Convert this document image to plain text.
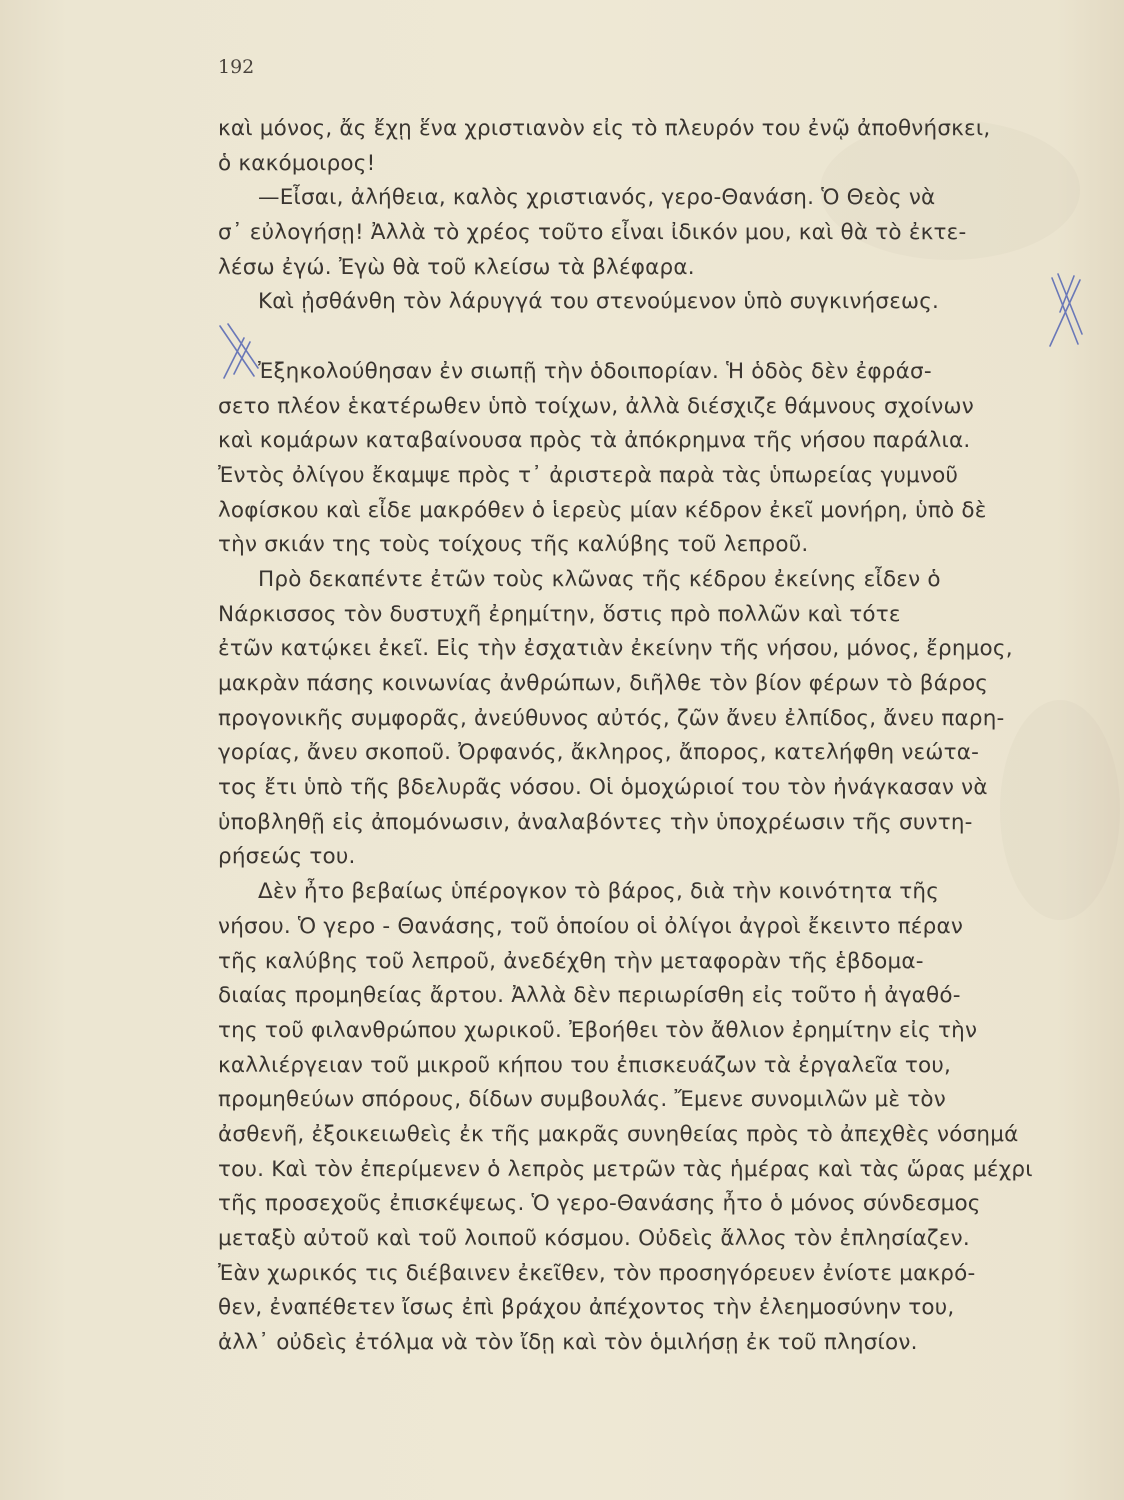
192
καὶ μόνος, ἄς ἔχῃ ἕνα χριστιανὸν εἰς τὸ πλευρόν του ἐνῷ ἀποθνήσκει,
ὁ κακόμοιρος!
—Εἶσαι, ἀλήθεια, καλὸς χριστιανός, γερο-Θανάση. Ὁ Θεὸς νὰ
σ᾿ εὐλογήσῃ! Ἀλλὰ τὸ χρέος τοῦτο εἶναι ἰδικόν μου, καὶ θὰ τὸ ἐκτε-
λέσω ἐγώ. Ἐγὼ θὰ τοῦ κλείσω τὰ βλέφαρα.
Καὶ ᾐσθάνθη τὸν λάρυγγά του στενούμενον ὑπὸ συγκινήσεως.
Ἐξηκολούθησαν ἐν σιωπῇ τὴν ὁδοιπορίαν. Ἡ ὁδὸς δὲν ἐφράσ-
σετο πλέον ἑκατέρωθεν ὑπὸ τοίχων, ἀλλὰ διέσχιζε θάμνους σχοίνων
καὶ κομάρων καταβαίνουσα πρὸς τὰ ἀπόκρημνα τῆς νήσου παράλια.
Ἐντὸς ὀλίγου ἔκαμψε πρὸς τ᾿ ἀριστερὰ παρὰ τὰς ὑπωρείας γυμνοῦ
λοφίσκου καὶ εἶδε μακρόθεν ὁ ἱερεὺς μίαν κέδρον ἐκεῖ μονήρη, ὑπὸ δὲ
τὴν σκιάν της τοὺς τοίχους τῆς καλύβης τοῦ λεπροῦ.
Πρὸ δεκαπέντε ἐτῶν τοὺς κλῶνας τῆς κέδρου ἐκείνης εἶδεν ὁ
Νάρκισσος τὸν δυστυχῆ ἐρημίτην, ὅστις πρὸ πολλῶν καὶ τότε
ἐτῶν κατῴκει ἐκεῖ. Εἰς τὴν ἐσχατιὰν ἐκείνην τῆς νήσου, μόνος, ἔρημος,
μακρὰν πάσης κοινωνίας ἀνθρώπων, διῆλθε τὸν βίον φέρων τὸ βάρος
προγονικῆς συμφορᾶς, ἀνεύθυνος αὐτός, ζῶν ἄνευ ἐλπίδος, ἄνευ παρη-
γορίας, ἄνευ σκοποῦ. Ὀρφανός, ἄκληρος, ἄπορος, κατελήφθη νεώτα-
τος ἔτι ὑπὸ τῆς βδελυρᾶς νόσου. Οἱ ὁμοχώριοί του τὸν ἠνάγκασαν νὰ
ὑποβληθῇ εἰς ἀπομόνωσιν, ἀναλαβόντες τὴν ὑποχρέωσιν τῆς συντη-
ρήσεώς του.
Δὲν ἦτο βεβαίως ὑπέρογκον τὸ βάρος, διὰ τὴν κοινότητα τῆς
νήσου. Ὁ γερο - Θανάσης, τοῦ ὁποίου οἱ ὀλίγοι ἀγροὶ ἔκειντο πέραν
τῆς καλύβης τοῦ λεπροῦ, ἀνεδέχθη τὴν μεταφορὰν τῆς ἑβδομα-
διαίας προμηθείας ἄρτου. Ἀλλὰ δὲν περιωρίσθη εἰς τοῦτο ἡ ἀγαθό-
της τοῦ φιλανθρώπου χωρικοῦ. Ἐβοήθει τὸν ἄθλιον ἐρημίτην εἰς τὴν
καλλιέργειαν τοῦ μικροῦ κήπου του ἐπισκευάζων τὰ ἐργαλεῖα του,
προμηθεύων σπόρους, δίδων συμβουλάς. Ἔμενε συνομιλῶν μὲ τὸν
ἀσθενῆ, ἐξοικειωθεὶς ἐκ τῆς μακρᾶς συνηθείας πρὸς τὸ ἀπεχθὲς νόσημά
του. Καὶ τὸν ἐπερίμενεν ὁ λεπρὸς μετρῶν τὰς ἡμέρας καὶ τὰς ὥρας μέχρι
τῆς προσεχοῦς ἐπισκέψεως. Ὁ γερο-Θανάσης ἦτο ὁ μόνος σύνδεσμος
μεταξὺ αὐτοῦ καὶ τοῦ λοιποῦ κόσμου. Οὐδεὶς ἄλλος τὸν ἐπλησίαζεν.
Ἐὰν χωρικός τις διέβαινεν ἐκεῖθεν, τὸν προσηγόρευεν ἐνίοτε μακρό-
θεν, ἐναπέθετεν ἴσως ἐπὶ βράχου ἀπέχοντος τὴν ἐλεημοσύνην του,
ἀλλ᾿ οὐδεὶς ἐτόλμα νὰ τὸν ἴδῃ καὶ τὸν ὁμιλήσῃ ἐκ τοῦ πλησίον.
